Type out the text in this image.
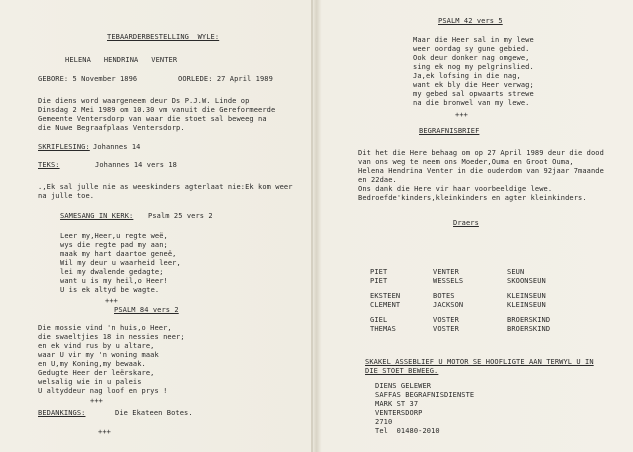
TEBAARDERBESTELLING  WYLE:
HELENA   HENDRINA   VENTER
GEBORE: 5 November 1896	OORLEDE: 27 April 1989
Die diens word waargeneem deur Ds P.J.W. Linde op
Dinsdag 2 Mei 1989 om 10.30 vm vanuit die Gereformeerde
Gemeente Ventersdorp van waar die stoet sal beweeg na
die Nuwe Begraafplaas Ventersdorp.
SKRIFLESING: Johannes 14
TEKS:	Johannes 14 vers 18
.,Ek sal julle nie as weeskinders agterlaat nie:Ek kom weer
na julle toe.
SAMESANG IN KERK: Psalm 25 vers 2
Leer my,Heer,u regte weë,
wys die regte pad my aan;
maak my hart daartoe geneë,
Wil my deur u waarheid leer,
lei my dwalende gedagte;
want u is my heil,o Heer!
U is ek altyd be wagte.
+++
PSALM 84 vers 2
Die mossie vind 'n huis,o Heer,
die swaeltjies 18 in nessies neer;
en ek vind rus by u altare,
waar U vir my 'n woning maak
en U,my Koning,my bewaak.
Gedugte Heer der leërskare,
welsalig wie in u paleis
U altyddeur nag loof en prys !
+++
BEDANKINGS:	Die Ekateen Botes.
+++
PSALM 42 vers 5
Maar die Heer sal in my lewe
weer oordag sy gune gebied.
Ook deur donker nag omgewe,
sing ek nog my pelgrinslied.
Ja,ek lofsing in die nag,
want ek bly die Heer verwag;
my gebed sal opwaarts strewe
na die bronwel van my lewe.
+++
BEGRAFNISBRIEF
Dit het die Here behaag om op 27 April 1989 deur die dood
van ons weg te neem ons Moeder,Ouma en Groot Ouma,
Helena Hendrina Venter in die ouderdom van 92jaar 7maande
en 22dae.
Ons dank die Here vir haar voorbeeldige lewe.
Bedroefde'kinders,kleinkinders en agter kleinkinders.
Draers
PIET	VENTER	SEUN
PIET	WESSELS	SKOONSEUN
EKSTEEN	BOTES	KLEINSEUN
CLEMENT	JACKSON	KLEINSEUN
GIEL	VOSTER	BROERSKIND
THEMAS	VOSTER	BROERSKIND
SKAKEL ASSEBLIEF U MOTOR SE HOOFLIGTE AAN TERWYL U IN
DIE STOET BEWEEG.
DIENS GELEWER
SAFFAS BEGRAFNISDIENSTE
MARK ST 37
VENTERSDORP
2710
Tel  01480-2010
